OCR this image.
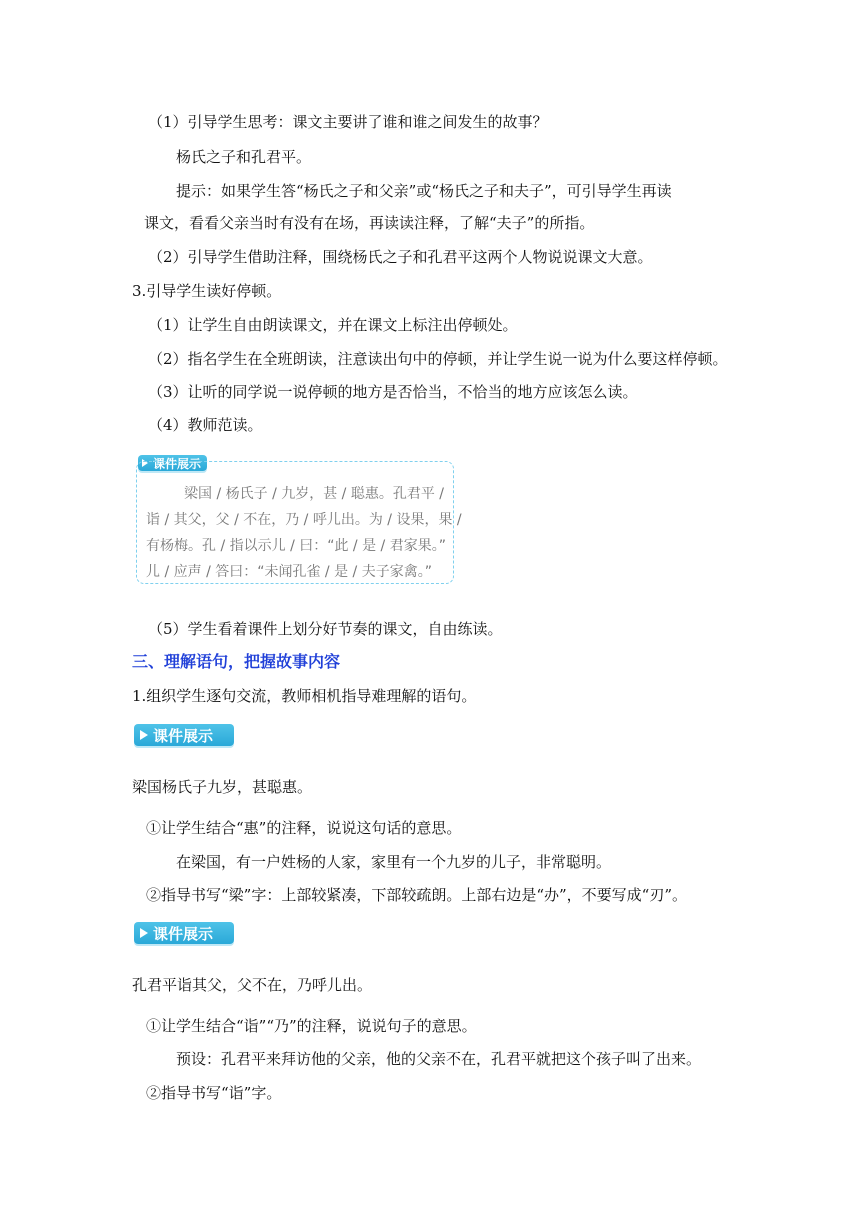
（1）引导学生思考：课文主要讲了谁和谁之间发生的故事？
杨氏之子和孔君平。
提示：如果学生答“杨氏之子和父亲”或“杨氏之子和夫子”，可引导学生再读
课文，看看父亲当时有没有在场，再读读注释，了解“夫子”的所指。
（2）引导学生借助注释，围绕杨氏之子和孔君平这两个人物说说课文大意。
3.引导学生读好停顿。
（1）让学生自由朗读课文，并在课文上标注出停顿处。
（2）指名学生在全班朗读，注意读出句中的停顿，并让学生说一说为什么要这样停顿。
（3）让听的同学说一说停顿的地方是否恰当，不恰当的地方应该怎么读。
（4）教师范读。
课件展示
梁国 / 杨氏子 / 九岁，甚 / 聪惠。孔君平 /
诣 / 其父，父 / 不在，乃 / 呼儿出。为 / 设果，果 /
有杨梅。孔 / 指以示儿 / 曰：“此 / 是 / 君家果。”
儿 / 应声 / 答曰：“未闻孔雀 / 是 / 夫子家禽。”
（5）学生看着课件上划分好节奏的课文，自由练读。
三、理解语句，把握故事内容
1.组织学生逐句交流，教师相机指导难理解的语句。
课件展示
梁国杨氏子九岁，甚聪惠。
①让学生结合“惠”的注释，说说这句话的意思。
在梁国，有一户姓杨的人家，家里有一个九岁的儿子，非常聪明。
②指导书写“梁”字：上部较紧凑，下部较疏朗。上部右边是“办”，不要写成“刃”。
课件展示
孔君平诣其父，父不在，乃呼儿出。
①让学生结合“诣”“乃”的注释，说说句子的意思。
预设：孔君平来拜访他的父亲，他的父亲不在，孔君平就把这个孩子叫了出来。
②指导书写“诣”字。
